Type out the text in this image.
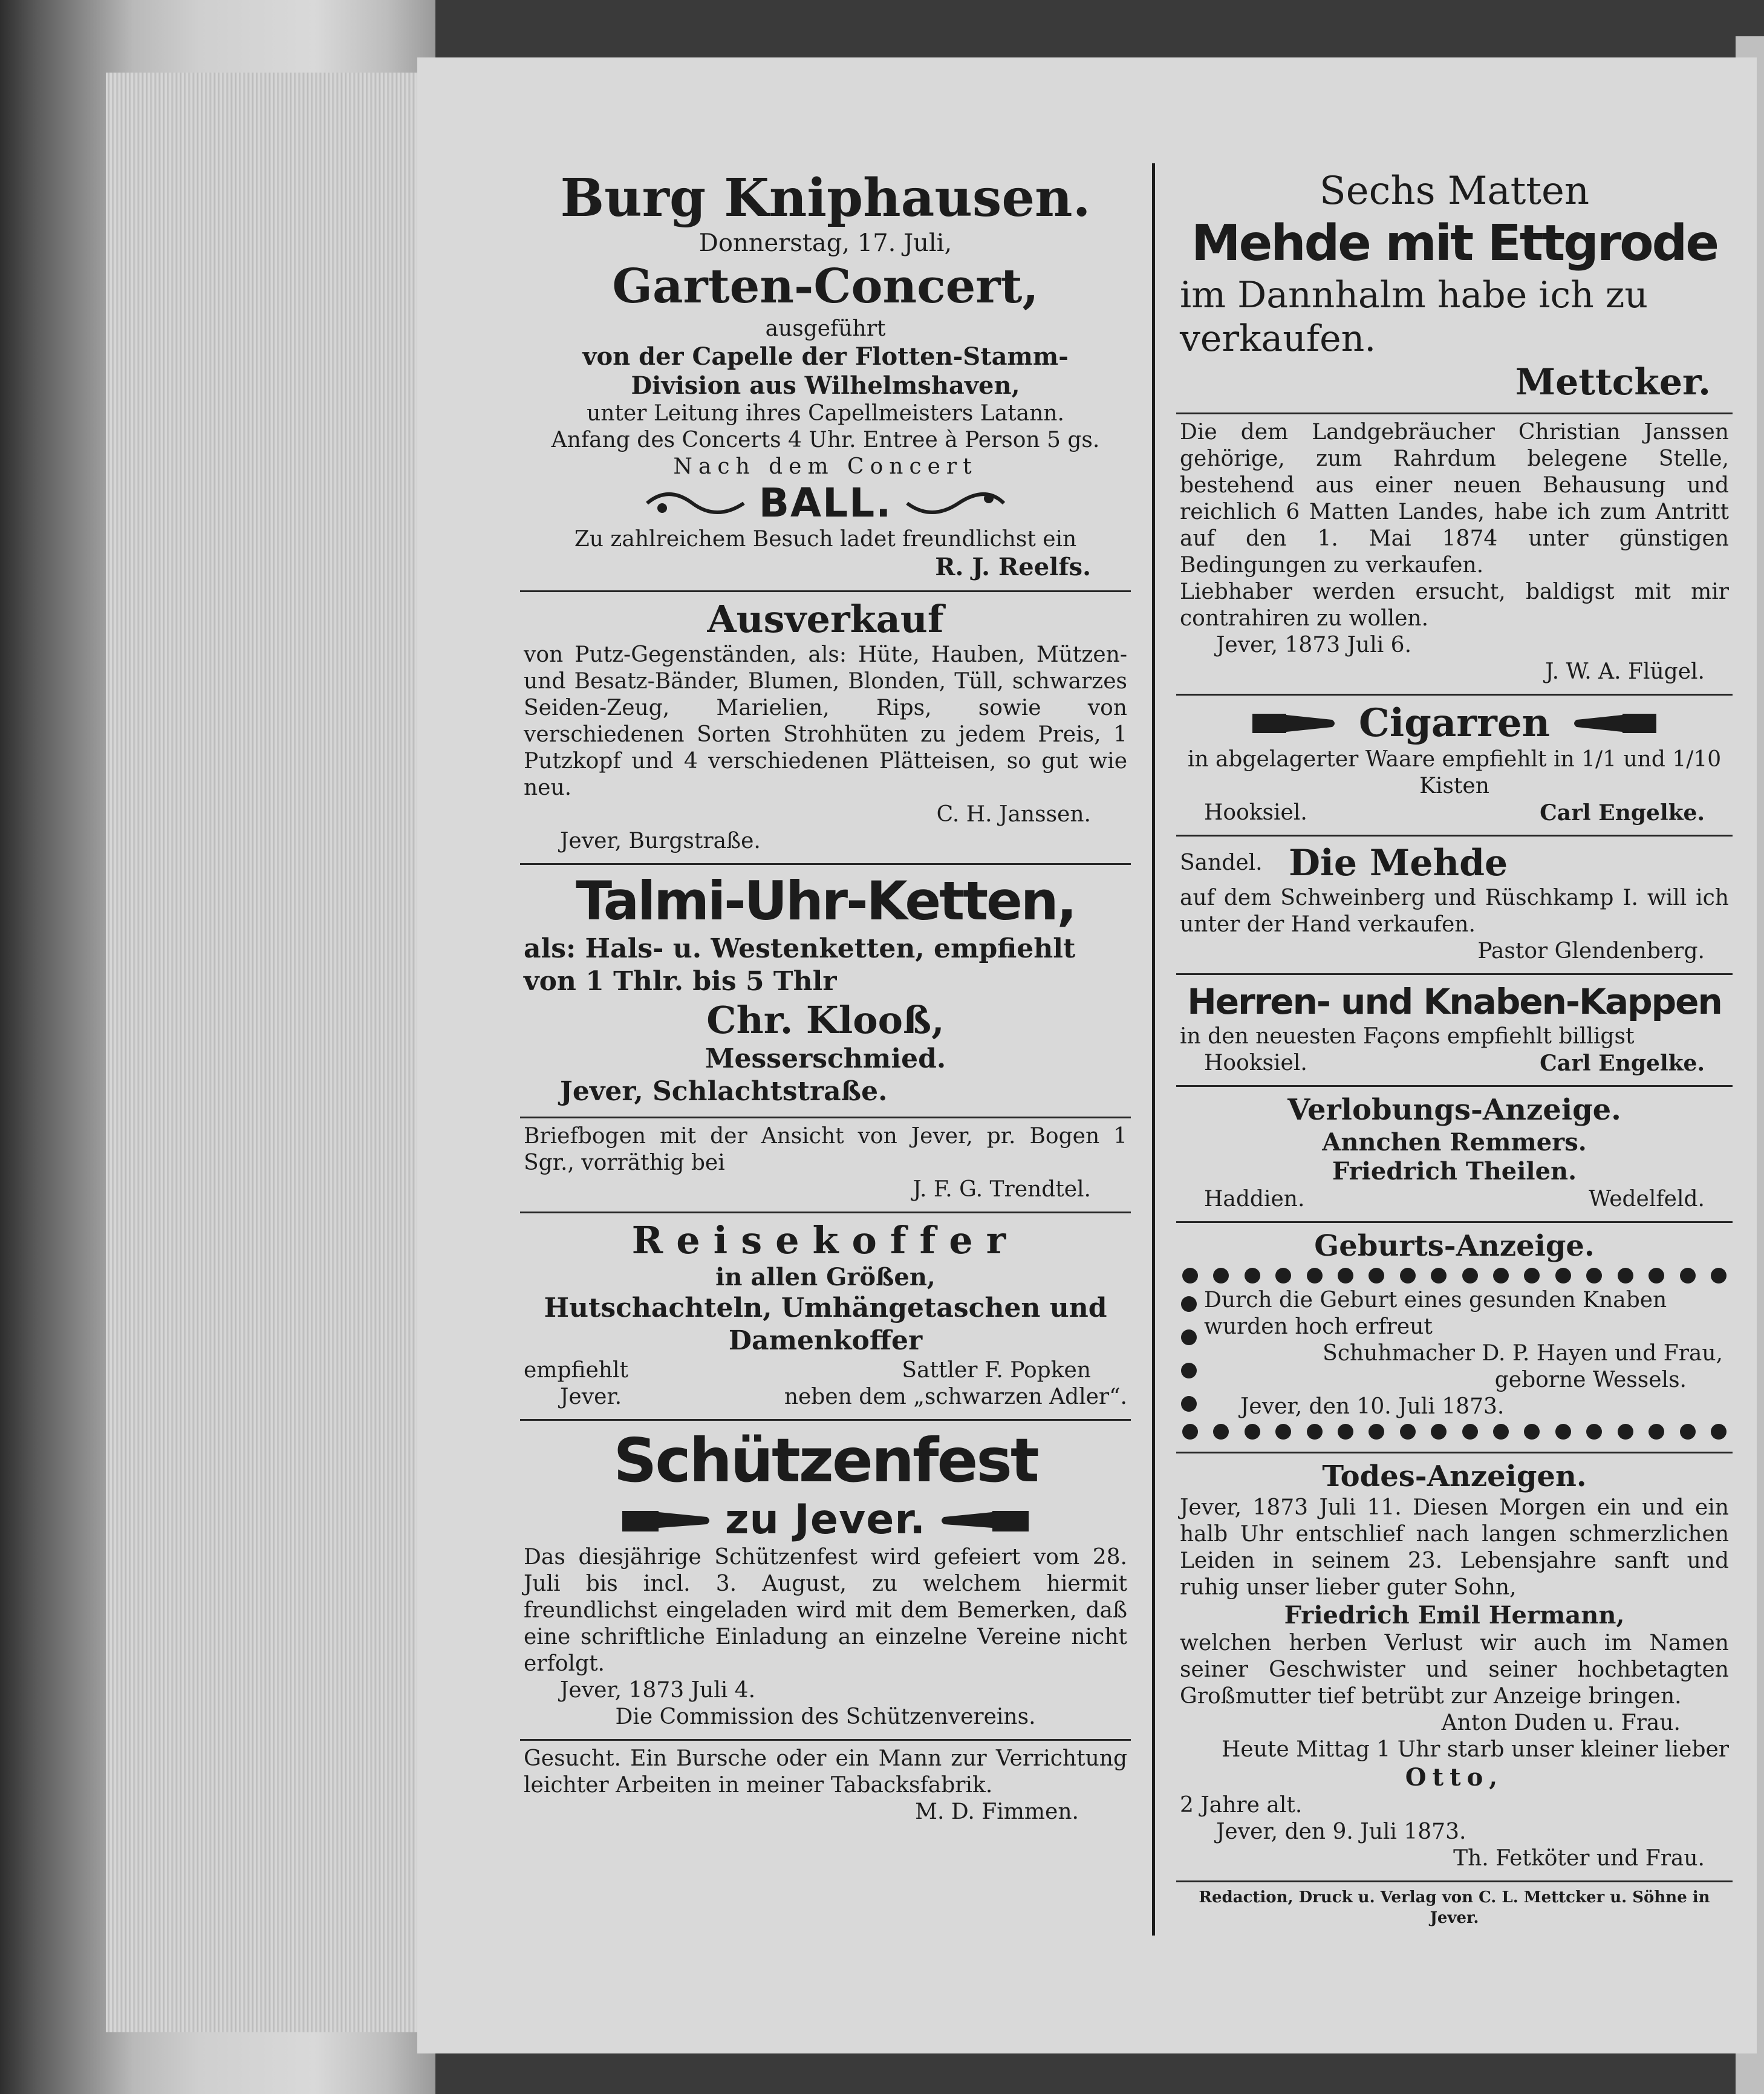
Burg Kniphausen.
Donnerstag, 17. Juli,
Garten-Concert,
ausgeführt
von der Capelle der Flotten-Stamm-
Division aus Wilhelmshaven,
unter Leitung ihres Capellmeisters Latann.
Anfang des Concerts 4 Uhr. Entree à Person 5 gs.
Nach dem Concert
BALL.
Zu zahlreichem Besuch ladet freundlichst ein
R. J. Reelfs.
Ausverkauf
von Putz-Gegenständen, als: Hüte, Hauben, Mützen- und Besatz-Bänder, Blumen, Blonden, Tüll, schwarzes Seiden-Zeug, Marielien, Rips, sowie von verschiedenen Sorten Strohhüten zu jedem Preis, 1 Putzkopf und 4 verschiedenen Plätteisen, so gut wie neu.
C. H. Janssen.
Jever, Burgstraße.
Talmi-Uhr-Ketten,
als: Hals- u. Westenketten, empfiehlt
von 1 Thlr. bis 5 Thlr
Chr. Klooß,
Messerschmied.
Jever, Schlachtstraße.
Briefbogen mit der Ansicht von Jever, pr. Bogen 1 Sgr., vorräthig bei
J. F. G. Trendtel.
Reisekoffer
in allen Größen,
Hutschachteln, Umhängetaschen und
Damenkoffer
empfiehlt	Sattler F. Popken
Jever.	neben dem „schwarzen Adler“.
Schützenfest
zu Jever.
Das diesjährige Schützenfest wird gefeiert vom 28. Juli bis incl. 3. August, zu welchem hiermit freundlichst eingeladen wird mit dem Bemerken, daß eine schriftliche Einladung an einzelne Vereine nicht erfolgt.
Jever, 1873 Juli 4.
Die Commission des Schützenvereins.
Gesucht. Ein Bursche oder ein Mann zur Verrichtung leichter Arbeiten in meiner Tabacksfabrik.
M. D. Fimmen.
Sechs Matten
Mehde mit Ettgrode
im Dannhalm habe ich zu
verkaufen.
Mettcker.
Die dem Landgebräucher Christian Janssen gehörige, zum Rahrdum belegene Stelle, bestehend aus einer neuen Behausung und reichlich 6 Matten Landes, habe ich zum Antritt auf den 1. Mai 1874 unter günstigen Bedingungen zu verkaufen.
Liebhaber werden ersucht, baldigst mit mir contrahiren zu wollen.
Jever, 1873 Juli 6.
J. W. A. Flügel.
Cigarren
in abgelagerter Waare empfiehlt in 1/1 und 1/10 Kisten
Hooksiel.	Carl Engelke.
Sandel. Die Mehde
auf dem Schweinberg und Rüschkamp I. will ich unter der Hand verkaufen.
Pastor Glendenberg.
Herren- und Knaben-Kappen
in den neuesten Façons empfiehlt billigst
Hooksiel.	Carl Engelke.
Verlobungs-Anzeige.
Annchen Remmers.
Friedrich Theilen.
Haddien.	Wedelfeld.
Geburts-Anzeige.
Durch die Geburt eines gesunden Knaben wurden hoch erfreut
Schuhmacher D. P. Hayen und Frau,
geborne Wessels.
Jever, den 10. Juli 1873.
Todes-Anzeigen.
Jever, 1873 Juli 11. Diesen Morgen ein und ein halb Uhr entschlief nach langen schmerzlichen Leiden in seinem 23. Lebensjahre sanft und ruhig unser lieber guter Sohn,
Friedrich Emil Hermann,
welchen herben Verlust wir auch im Namen seiner Geschwister und seiner hochbetagten Großmutter tief betrübt zur Anzeige bringen.
Anton Duden u. Frau.
Heute Mittag 1 Uhr starb unser kleiner lieber
Otto,
2 Jahre alt.
Jever, den 9. Juli 1873.
Th. Fetköter und Frau.
Redaction, Druck u. Verlag von C. L. Mettcker u. Söhne in Jever.
